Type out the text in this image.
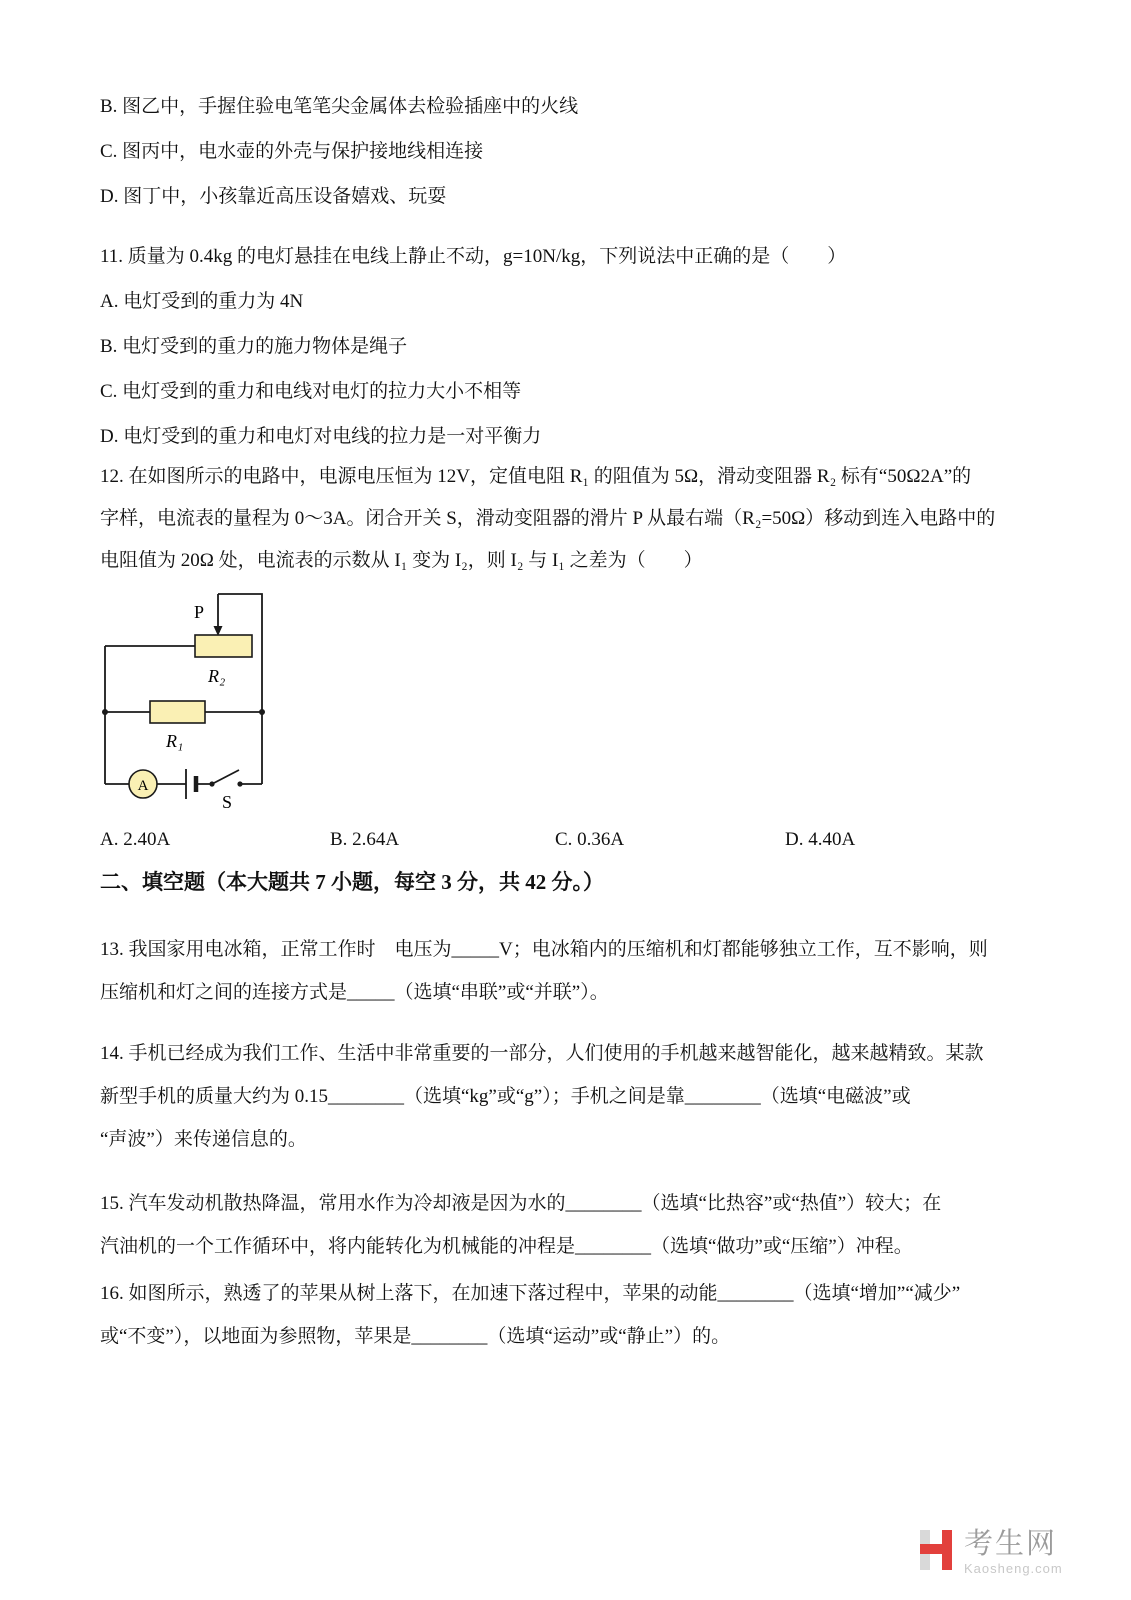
B. 图乙中，手握住验电笔笔尖金属体去检验插座中的火线
C. 图丙中，电水壶的外壳与保护接地线相连接
D. 图丁中，小孩靠近高压设备嬉戏、玩耍
11. 质量为 0.4kg 的电灯悬挂在电线上静止不动，g=10N/kg，下列说法中正确的是（　　）
A. 电灯受到的重力为 4N
B. 电灯受到的重力的施力物体是绳子
C. 电灯受到的重力和电线对电灯的拉力大小不相等
D. 电灯受到的重力和电灯对电线的拉力是一对平衡力
12. 在如图所示的电路中，电源电压恒为 12V，定值电阻 R₁ 的阻值为 5Ω，滑动变阻器 R₂ 标有“50Ω2A”的
字样，电流表的量程为 0～3A。闭合开关 S，滑动变阻器的滑片 P 从最右端（R₂=50Ω）移动到连入电路中的
电阻值为 20Ω 处，电流表的示数从 I₁ 变为 I₂，则 I₂ 与 I₁ 之差为（　　）
P
R₂
R₁
A
S
A. 2.40A	B. 2.64A	C. 0.36A	D. 4.40A
二、填空题（本大题共 7 小题，每空 3 分，共 42 分。）
13. 我国家用电冰箱，正常工作时　电压为_____V；电冰箱内的压缩机和灯都能够独立工作，互不影响，则
压缩机和灯之间的连接方式是_____（选填“串联”或“并联”）。
14. 手机已经成为我们工作、生活中非常重要的一部分，人们使用的手机越来越智能化，越来越精致。某款
新型手机的质量大约为 0.15________（选填“kg”或“g”）；手机之间是靠________（选填“电磁波”或
“声波”）来传递信息的。
15. 汽车发动机散热降温，常用水作为冷却液是因为水的________（选填“比热容”或“热值”）较大；在
汽油机的一个工作循环中，将内能转化为机械能的冲程是________（选填“做功”或“压缩”）冲程。
16. 如图所示，熟透了的苹果从树上落下，在加速下落过程中，苹果的动能________（选填“增加”“减少”
或“不变”），以地面为参照物，苹果是________（选填“运动”或“静止”）的。
考生网
Kaosheng.com
